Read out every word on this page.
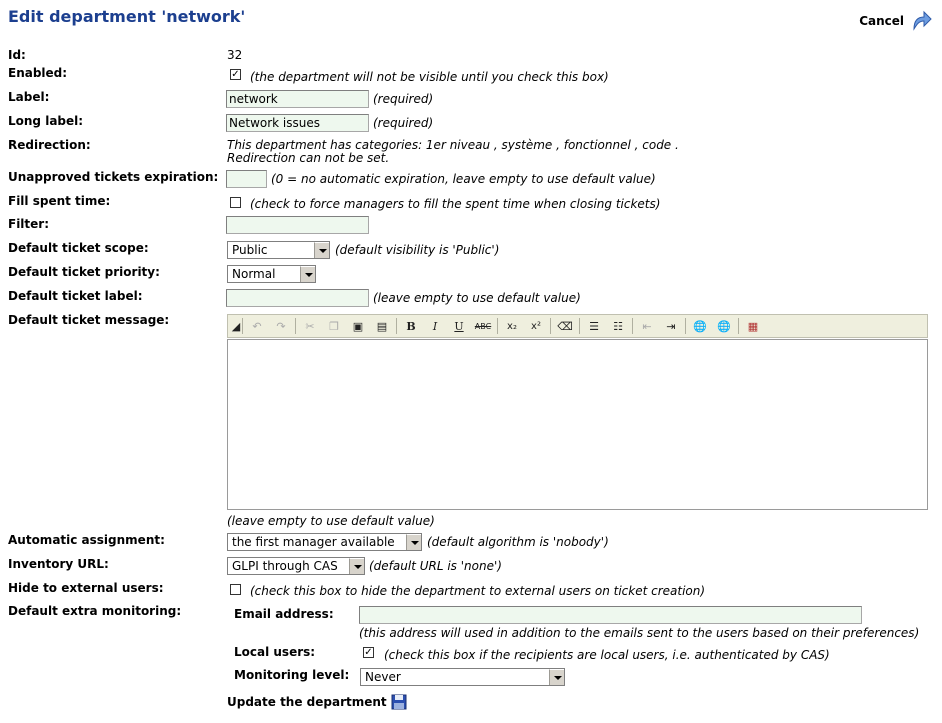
Edit department 'network'	Cancel
Id:	32
Enabled:	✓ (the department will not be visible until you check this box)
Label:	network	(required)
Long label:	Network issues	(required)
Redirection:	This department has categories: 1er niveau , système , fonctionnel , code .
Redirection can not be set.
Unapproved tickets expiration:	(0 = no automatic expiration, leave empty to use default value)
Fill spent time:	(check to force managers to fill the spent time when closing tickets)
Filter:
Default ticket scope:	Public	(default visibility is 'Public')
Default ticket priority:	Normal
Default ticket label:	(leave empty to use default value)
Default ticket message:	◢	↶	↷	✂	❐	▣	▤	B	I	U	ABC	x₂	x²	⌫	☰	☷	⇤	⇥	🌐 🌐	▦
(leave empty to use default value)
Automatic assignment:	the first manager available	(default algorithm is 'nobody')
Inventory URL:	GLPI through CAS	(default URL is 'none')
Hide to external users:	(check this box to hide the department to external users on ticket creation)
Default extra monitoring:	Email address:
(this address will used in addition to the emails sent to the users based on their preferences)
Local users:	✓ (check this box if the recipients are local users, i.e. authenticated by CAS)
Monitoring level: Never
Update the department
